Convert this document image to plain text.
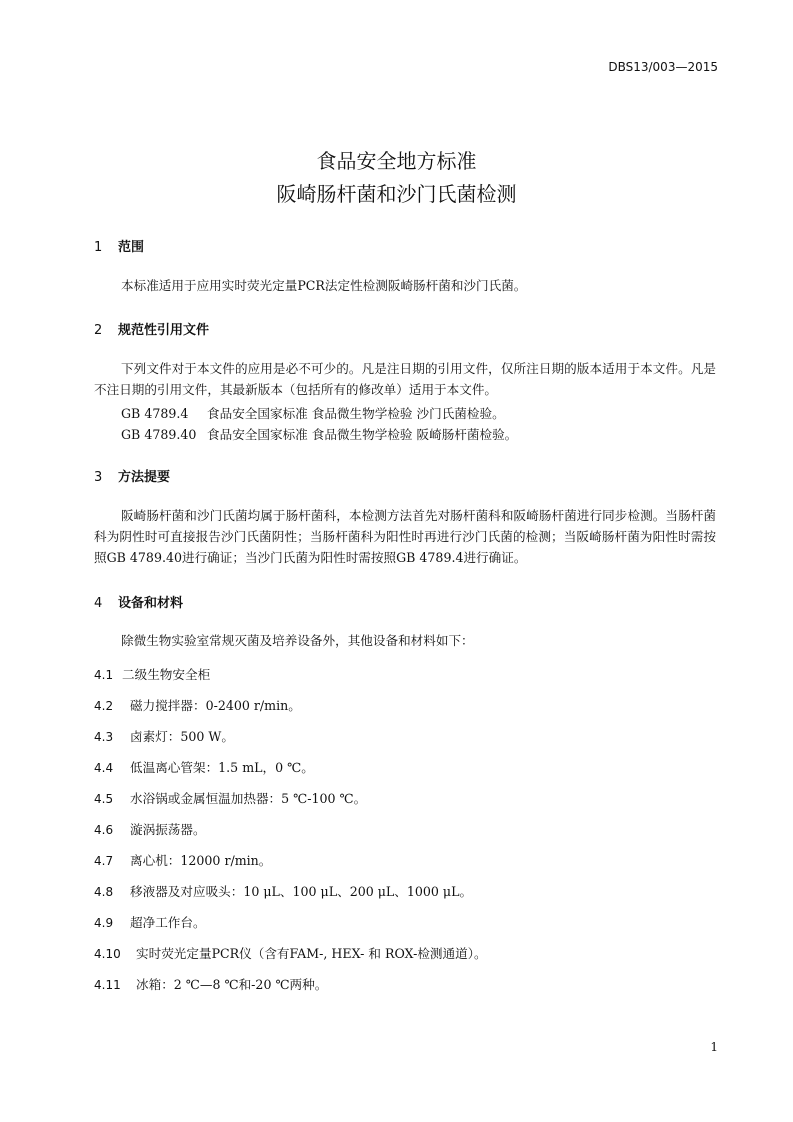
DBS13/003—2015
食品安全地方标准
阪崎肠杆菌和沙门氏菌检测
1 范围
本标准适用于应用实时荧光定量PCR法定性检测阪崎肠杆菌和沙门氏菌。
2 规范性引用文件
下列文件对于本文件的应用是必不可少的。凡是注日期的引用文件，仅所注日期的版本适用于本文件。凡是不注日期的引用文件，其最新版本（包括所有的修改单）适用于本文件。
GB 4789.4 食品安全国家标准 食品微生物学检验 沙门氏菌检验。
GB 4789.40 食品安全国家标准 食品微生物学检验 阪崎肠杆菌检验。
3 方法提要
阪崎肠杆菌和沙门氏菌均属于肠杆菌科，本检测方法首先对肠杆菌科和阪崎肠杆菌进行同步检测。当肠杆菌科为阴性时可直接报告沙门氏菌阴性；当肠杆菌科为阳性时再进行沙门氏菌的检测；当阪崎肠杆菌为阳性时需按照GB 4789.40进行确证；当沙门氏菌为阳性时需按照GB 4789.4进行确证。
4 设备和材料
除微生物实验室常规灭菌及培养设备外，其他设备和材料如下：
4.1 二级生物安全柜
4.2 磁力搅拌器：0-2400 r/min。
4.3 卤素灯：500 W。
4.4 低温离心管架：1.5 mL，0 ℃。
4.5 水浴锅或金属恒温加热器：5 ℃-100 ℃。
4.6 漩涡振荡器。
4.7 离心机：12000 r/min。
4.8 移液器及对应吸头：10 μL、100 μL、200 μL、1000 μL。
4.9 超净工作台。
4.10 实时荧光定量PCR仪（含有FAM-, HEX- 和 ROX-检测通道）。
4.11 冰箱：2 ℃—8 ℃和-20 ℃两种。
1
